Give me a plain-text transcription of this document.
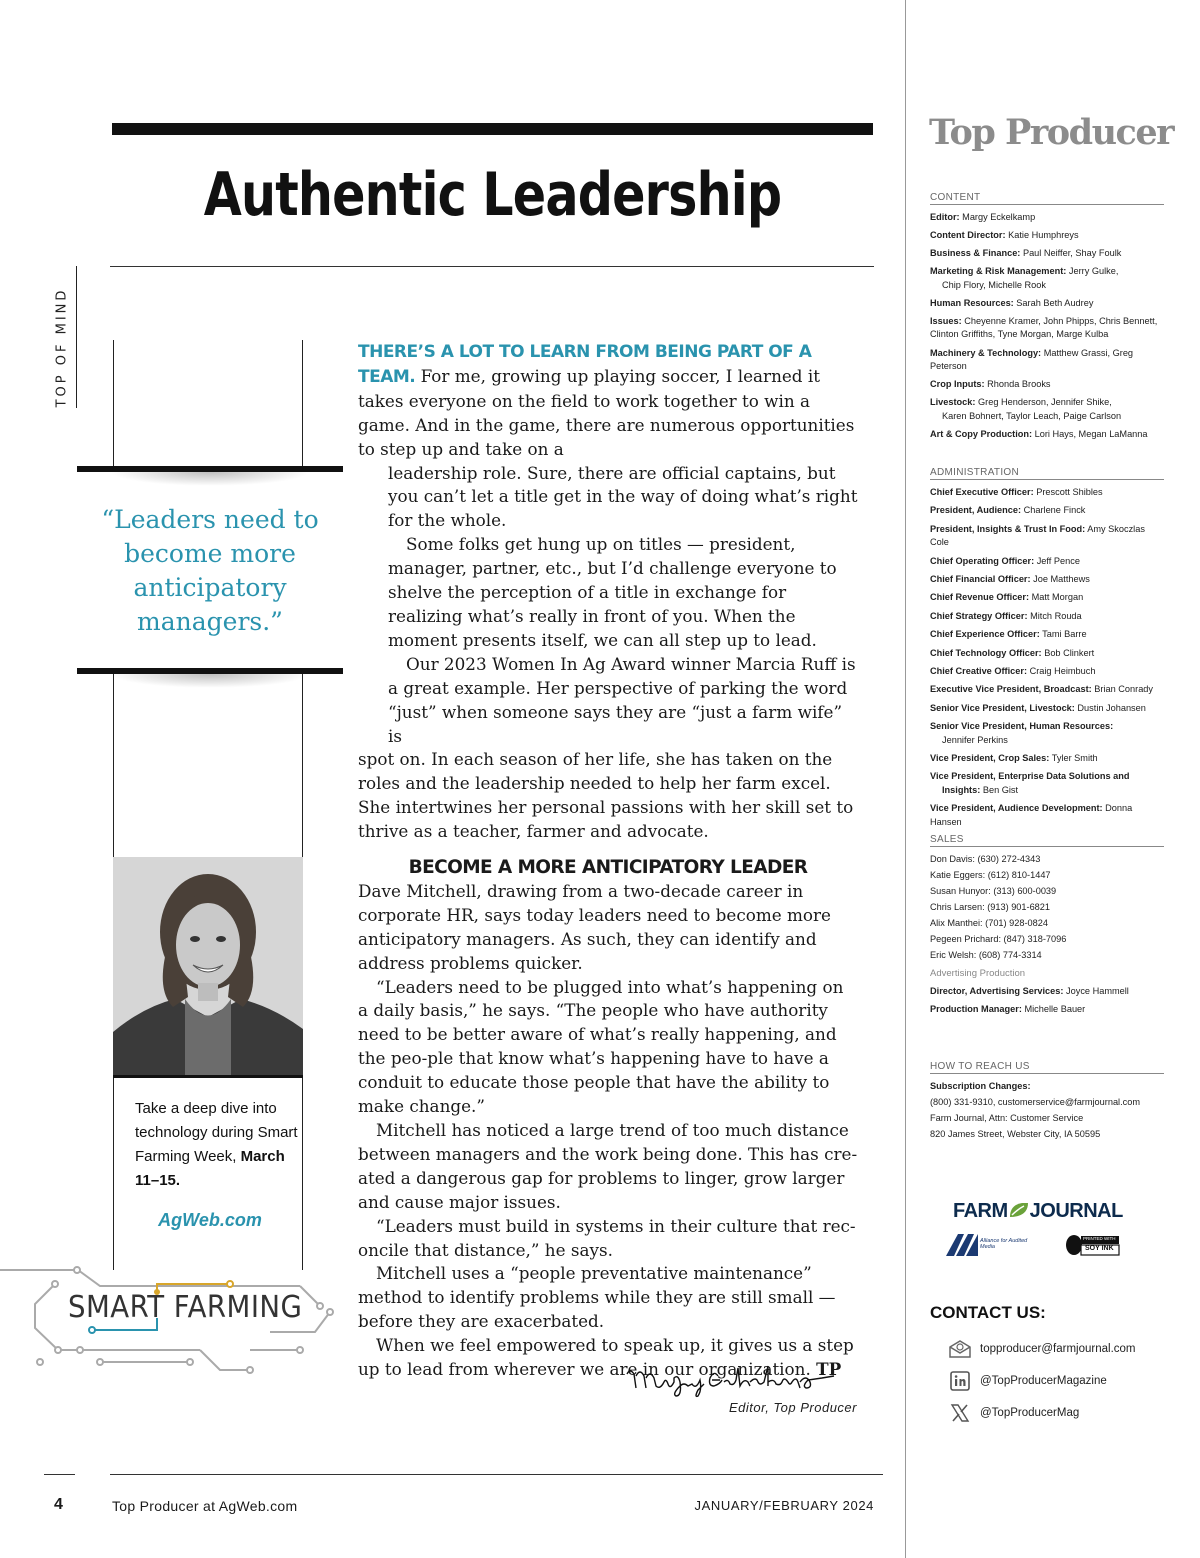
Authentic Leadership
TOP OF MIND
“Leaders need to become more anticipatory managers.”
Take a deep dive into technology during Smart Farming Week, March 11–15.
AgWeb.com
SMART FARMING

THERE’S A LOT TO LEARN FROM BEING PART OF A TEAM. For me, growing up playing soccer, I learned it takes everyone on the field to work together to win a game. And in the game, there are numerous opportunities to step up and take on a

leadership role. Sure, there are official captains, but you can’t let a title get in the way of doing what’s right for the whole.

Some folks get hung up on titles — president, manager, partner, etc., but I’d challenge everyone to shelve the perception of a title in exchange for realizing what’s really in front of you. When the moment presents itself, we can all step up to lead.

Our 2023 Women In Ag Award winner Marcia Ruff is a great example. Her perspective of parking the word “just” when someone says they are “just a farm wife” is

spot on. In each season of her life, she has taken on the roles and the leadership needed to help her farm excel. She intertwines her personal passions with her skill set to thrive as a teacher, farmer and advocate.

BECOME A MORE ANTICIPATORY LEADER

Dave Mitchell, drawing from a two-decade career in corporate HR, says today leaders need to become more anticipatory managers. As such, they can identify and address problems quicker.

“Leaders need to be plugged into what’s happening on a daily basis,” he says. “The people who have authority need to be better aware of what’s really happening, and the peo-ple that know what’s happening have to have a conduit to educate those people that have the ability to make change.”

Mitchell has noticed a large trend of too much distance between managers and the work being done. This has cre-ated a dangerous gap for problems to linger, grow larger and cause major issues.

“Leaders must build in systems in their culture that rec-oncile that distance,” he says.

Mitchell uses a “people preventative maintenance” method to identify problems while they are still small — before they are exacerbated.

When we feel empowered to speak up, it gives us a step up to lead from wherever we are in our organization. TP

Editor, Top Producer
4	Top Producer at AgWeb.com	JANUARY/FEBRUARY 2024
Top Producer
CONTENT
Editor: Margy Eckelkamp
Content Director: Katie Humphreys
Business & Finance: Paul Neiffer, Shay Foulk
Marketing & Risk Management: Jerry Gulke,
Chip Flory, Michelle Rook
Human Resources: Sarah Beth Audrey
Issues: Cheyenne Kramer, John Phipps, Chris Bennett,
Clinton Griffiths, Tyne Morgan, Marge Kulba
Machinery & Technology: Matthew Grassi, Greg Peterson
Crop Inputs: Rhonda Brooks
Livestock: Greg Henderson, Jennifer Shike,
Karen Bohnert, Taylor Leach, Paige Carlson
Art & Copy Production: Lori Hays, Megan LaManna
ADMINISTRATION
Chief Executive Officer: Prescott Shibles
President, Audience: Charlene Finck
President, Insights & Trust In Food: Amy Skoczlas Cole
Chief Operating Officer: Jeff Pence
Chief Financial Officer: Joe Matthews
Chief Revenue Officer: Matt Morgan
Chief Strategy Officer: Mitch Rouda
Chief Experience Officer: Tami Barre
Chief Technology Officer: Bob Clinkert
Chief Creative Officer: Craig Heimbuch
Executive Vice President, Broadcast: Brian Conrady
Senior Vice President, Livestock: Dustin Johansen
Senior Vice President, Human Resources:
Jennifer Perkins
Vice President, Crop Sales: Tyler Smith
Vice President, Enterprise Data Solutions and
Insights: Ben Gist
Vice President, Audience Development: Donna Hansen
SALES
Don Davis: (630) 272-4343
Katie Eggers: (612) 810-1447
Susan Hunyor: (313) 600-0039
Chris Larsen: (913) 901-6821
Alix Manthei: (701) 928-0824
Pegeen Prichard: (847) 318-7096
Eric Welsh: (608) 774-3314
Advertising Production
Director, Advertising Services: Joyce Hammell
Production Manager: Michelle Bauer
HOW TO REACH US
Subscription Changes:
(800) 331-9310, customerservice@farmjournal.com
Farm Journal, Attn: Customer Service
820 James Street, Webster City, IA 50595
FARM JOURNAL
Alliance for Audited Media
PRINTED WITH
SOY INK
CONTACT US:
topproducer@farmjournal.com
@TopProducerMagazine
@TopProducerMag
